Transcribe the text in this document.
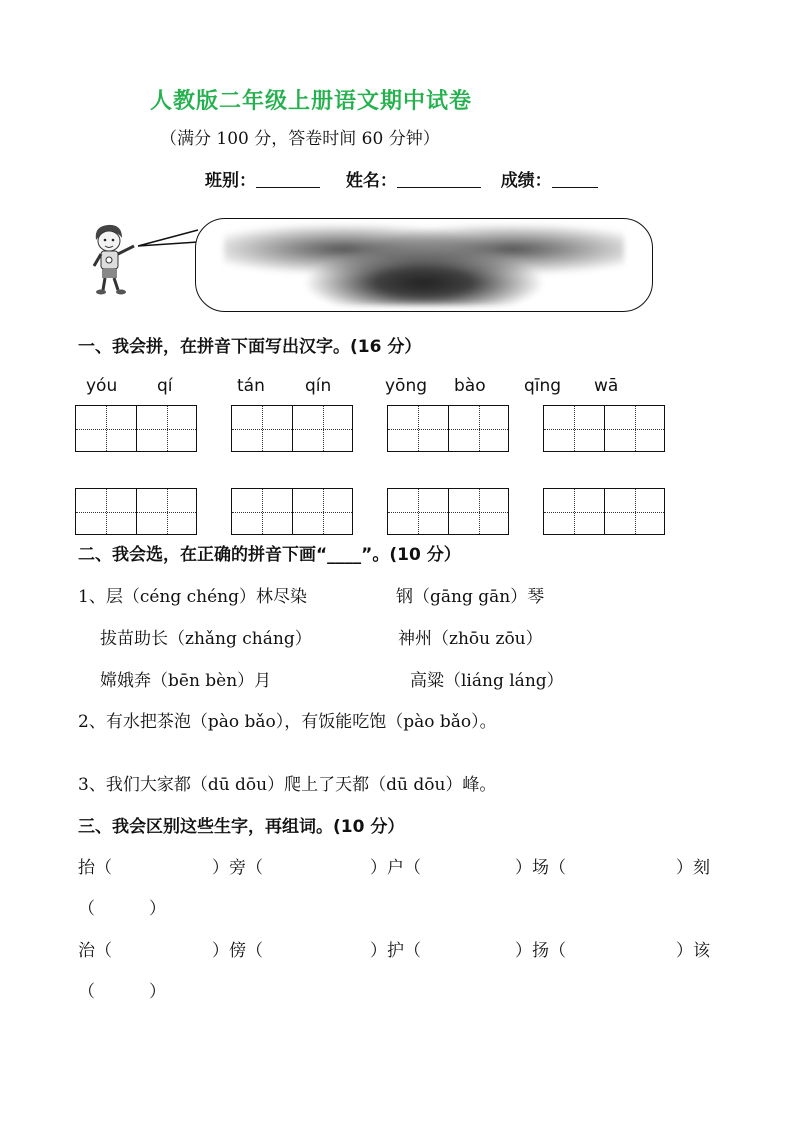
人教版二年级上册语文期中试卷
（满分 100 分，答卷时间 60 分钟）
班别：	姓名：	成绩：
一、我会拼，在拼音下面写出汉字。(16 分）
yóu qí	tán qín	yōng bào qīng wā
二、我会选，在正确的拼音下画“____”。(10 分）
1、层（céng chéng）林尽染	钢（gāng gān）琴
拔苗助长（zhǎng cháng）	神州（zhōu zōu）
嫦娥奔（bēn bèn）月	高粱（liáng láng）
2、有水把茶泡（pào bǎo），有饭能吃饱（pào bǎo）。
3、我们大家都（dū dōu）爬上了天都（dū dōu）峰。
三、我会区别这些生字，再组词。(10 分）
抬（	）旁（	）户（	）场（	）刻
（          ）
治（	）傍（	）护（	）扬（	）该
（          ）
